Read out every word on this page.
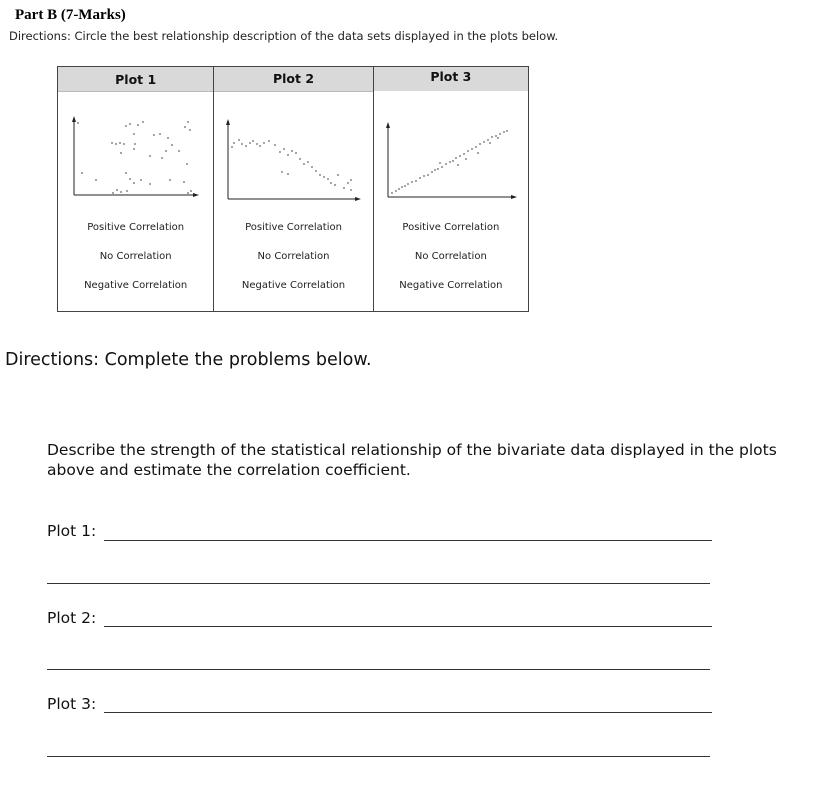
Part B (7-Marks)
Directions: Circle the best relationship description of the data sets displayed in the plots below.
Plot 1
Positive Correlation
No Correlation
Negative Correlation
Plot 2
Positive Correlation
No Correlation
Negative Correlation
Plot 3
Positive Correlation
No Correlation
Negative Correlation
Directions: Complete the problems below.
Describe the strength of the statistical relationship of the bivariate data displayed in the plots above and estimate the correlation coefficient.
Plot 1:
Plot 2:
Plot 3:
